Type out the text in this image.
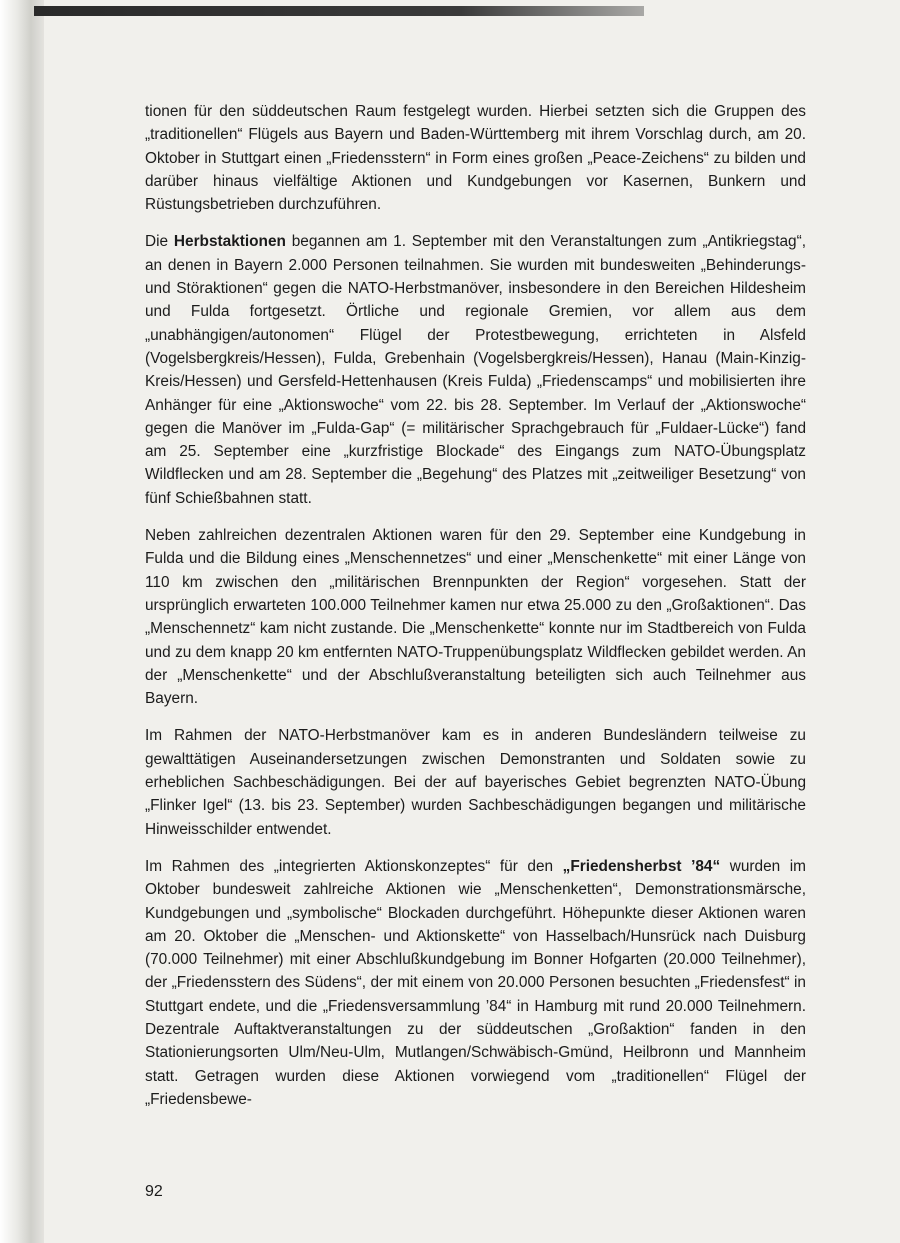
tionen für den süddeutschen Raum festgelegt wurden. Hierbei setzten sich die Gruppen des „traditionellen“ Flügels aus Bayern und Baden-Württemberg mit ihrem Vorschlag durch, am 20. Oktober in Stuttgart einen „Friedensstern“ in Form eines großen „Peace-Zeichens“ zu bilden und darüber hinaus vielfältige Aktionen und Kundgebungen vor Kasernen, Bunkern und Rüstungsbetrieben durchzuführen.

Die Herbstaktionen begannen am 1. September mit den Veranstaltungen zum „Antikriegstag“, an denen in Bayern 2.000 Personen teilnahmen. Sie wurden mit bundesweiten „Behinderungs- und Störaktionen“ gegen die NATO-Herbstmanöver, insbesondere in den Bereichen Hildesheim und Fulda fortgesetzt. Örtliche und regionale Gremien, vor allem aus dem „unabhängigen/autonomen“ Flügel der Protestbewegung, errichteten in Alsfeld (Vogelsbergkreis/Hessen), Fulda, Grebenhain (Vogelsbergkreis/Hessen), Hanau (Main-Kinzig-Kreis/Hessen) und Gersfeld-Hettenhausen (Kreis Fulda) „Friedenscamps“ und mobilisierten ihre Anhänger für eine „Aktionswoche“ vom 22. bis 28. September. Im Verlauf der „Aktionswoche“ gegen die Manöver im „Fulda-Gap“ (= militärischer Sprachgebrauch für „Fuldaer-Lücke“) fand am 25. September eine „kurzfristige Blockade“ des Eingangs zum NATO-Übungsplatz Wildflecken und am 28. September die „Begehung“ des Platzes mit „zeitweiliger Besetzung“ von fünf Schießbahnen statt.

Neben zahlreichen dezentralen Aktionen waren für den 29. September eine Kundgebung in Fulda und die Bildung eines „Menschennetzes“ und einer „Menschenkette“ mit einer Länge von 110 km zwischen den „militärischen Brennpunkten der Region“ vorgesehen. Statt der ursprünglich erwarteten 100.000 Teilnehmer kamen nur etwa 25.000 zu den „Großaktionen“. Das „Menschennetz“ kam nicht zustande. Die „Menschenkette“ konnte nur im Stadtbereich von Fulda und zu dem knapp 20 km entfernten NATO-Truppenübungsplatz Wildflecken gebildet werden. An der „Menschenkette“ und der Abschlußveranstaltung beteiligten sich auch Teilnehmer aus Bayern.

Im Rahmen der NATO-Herbstmanöver kam es in anderen Bundesländern teilweise zu gewalttätigen Auseinandersetzungen zwischen Demonstranten und Soldaten sowie zu erheblichen Sachbeschädigungen. Bei der auf bayerisches Gebiet begrenzten NATO-Übung „Flinker Igel“ (13. bis 23. September) wurden Sachbeschädigungen begangen und militärische Hinweisschilder entwendet.

Im Rahmen des „integrierten Aktionskonzeptes“ für den „Friedensherbst ’84“ wurden im Oktober bundesweit zahlreiche Aktionen wie „Menschenketten“, Demonstrationsmärsche, Kundgebungen und „symbolische“ Blockaden durchgeführt. Höhepunkte dieser Aktionen waren am 20. Oktober die „Menschen- und Aktionskette“ von Hasselbach/Hunsrück nach Duisburg (70.000 Teilnehmer) mit einer Abschlußkundgebung im Bonner Hofgarten (20.000 Teilnehmer), der „Friedensstern des Südens“, der mit einem von 20.000 Personen besuchten „Friedensfest“ in Stuttgart endete, und die „Friedensversammlung ’84“ in Hamburg mit rund 20.000 Teilnehmern. Dezentrale Auftaktveranstaltungen zu der süddeutschen „Großaktion“ fanden in den Stationierungsorten Ulm/Neu-Ulm, Mutlangen/Schwäbisch-Gmünd, Heilbronn und Mannheim statt. Getragen wurden diese Aktionen vorwiegend vom „traditionellen“ Flügel der „Friedensbewe-

92
